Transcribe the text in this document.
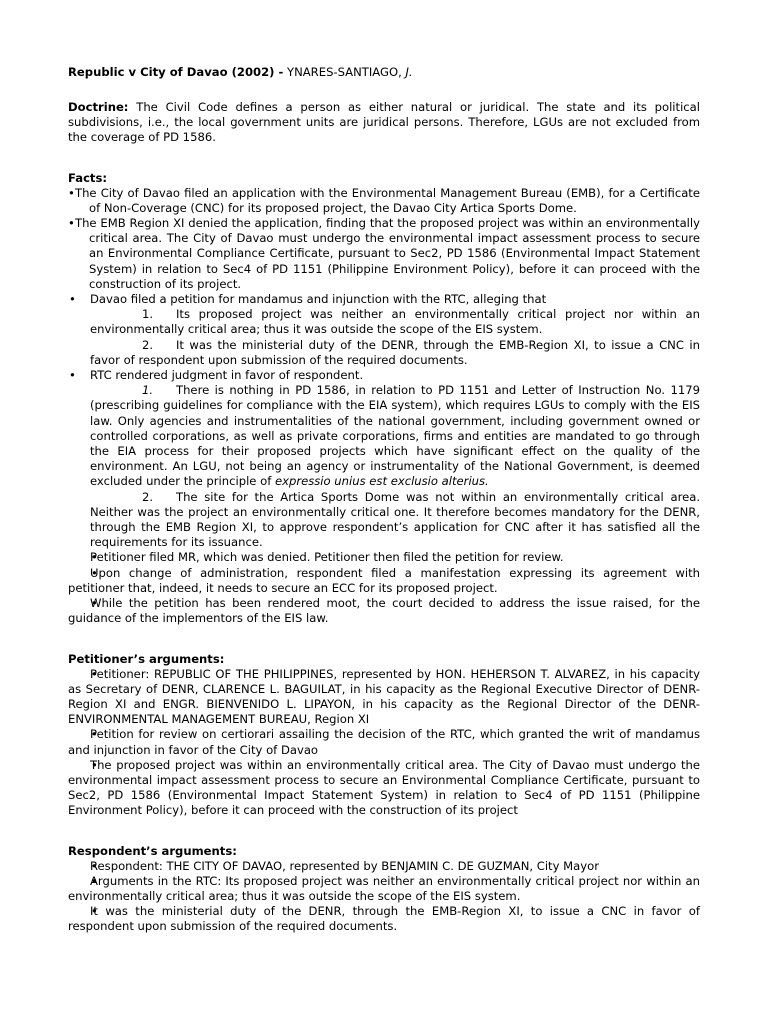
Republic v City of Davao (2002) - YNARES-SANTIAGO, J.

Doctrine: The Civil Code defines a person as either natural or juridical. The state and its political subdivisions, i.e., the local government units are juridical persons. Therefore, LGUs are not excluded from the coverage of PD 1586.

Facts:

• The City of Davao filed an application with the Environmental Management Bureau (EMB), for a Certificate of Non-Coverage (CNC) for its proposed project, the Davao City Artica Sports Dome.
• The EMB Region XI denied the application, finding that the proposed project was within an environmentally critical area. The City of Davao must undergo the environmental impact assessment process to secure an Environmental Compliance Certificate, pursuant to Sec2, PD 1586 (Environmental Impact Statement System) in relation to Sec4 of PD 1151 (Philippine Environment Policy), before it can proceed with the construction of its project.
• Davao filed a petition for mandamus and injunction with the RTC, alleging that
1. Its proposed project was neither an environmentally critical project nor within an environmentally critical area; thus it was outside the scope of the EIS system.
2. It was the ministerial duty of the DENR, through the EMB-Region XI, to issue a CNC in favor of respondent upon submission of the required documents.
• RTC rendered judgment in favor of respondent.
1. There is nothing in PD 1586, in relation to PD 1151 and Letter of Instruction No. 1179 (prescribing guidelines for compliance with the EIA system), which requires LGUs to comply with the EIS law. Only agencies and instrumentalities of the national government, including government owned or controlled corporations, as well as private corporations, firms and entities are mandated to go through the EIA process for their proposed projects which have significant effect on the quality of the environment. An LGU, not being an agency or instrumentality of the National Government, is deemed excluded under the principle of expressio unius est exclusio alterius.
2. The site for the Artica Sports Dome was not within an environmentally critical area. Neither was the project an environmentally critical one. It therefore becomes mandatory for the DENR, through the EMB Region XI, to approve respondent’s application for CNC after it has satisfied all the requirements for its issuance.
• Petitioner filed MR, which was denied. Petitioner then filed the petition for review.
• Upon change of administration, respondent filed a manifestation expressing its agreement with petitioner that, indeed, it needs to secure an ECC for its proposed project.
• While the petition has been rendered moot, the court decided to address the issue raised, for the guidance of the implementors of the EIS law.

Petitioner’s arguments:

• Petitioner: REPUBLIC OF THE PHILIPPINES, represented by HON. HEHERSON T. ALVAREZ, in his capacity as Secretary of DENR, CLARENCE L. BAGUILAT, in his capacity as the Regional Executive Director of DENR-Region XI and ENGR. BIENVENIDO L. LIPAYON, in his capacity as the Regional Director of the DENR-ENVIRONMENTAL MANAGEMENT BUREAU, Region XI
• Petition for review on certiorari assailing the decision of the RTC, which granted the writ of mandamus and injunction in favor of the City of Davao
• The proposed project was within an environmentally critical area. The City of Davao must undergo the environmental impact assessment process to secure an Environmental Compliance Certificate, pursuant to Sec2, PD 1586 (Environmental Impact Statement System) in relation to Sec4 of PD 1151 (Philippine Environment Policy), before it can proceed with the construction of its project

Respondent’s arguments:

• Respondent: THE CITY OF DAVAO, represented by BENJAMIN C. DE GUZMAN, City Mayor
• Arguments in the RTC: Its proposed project was neither an environmentally critical project nor within an environmentally critical area; thus it was outside the scope of the EIS system.
• It was the ministerial duty of the DENR, through the EMB-Region XI, to issue a CNC in favor of respondent upon submission of the required documents.
